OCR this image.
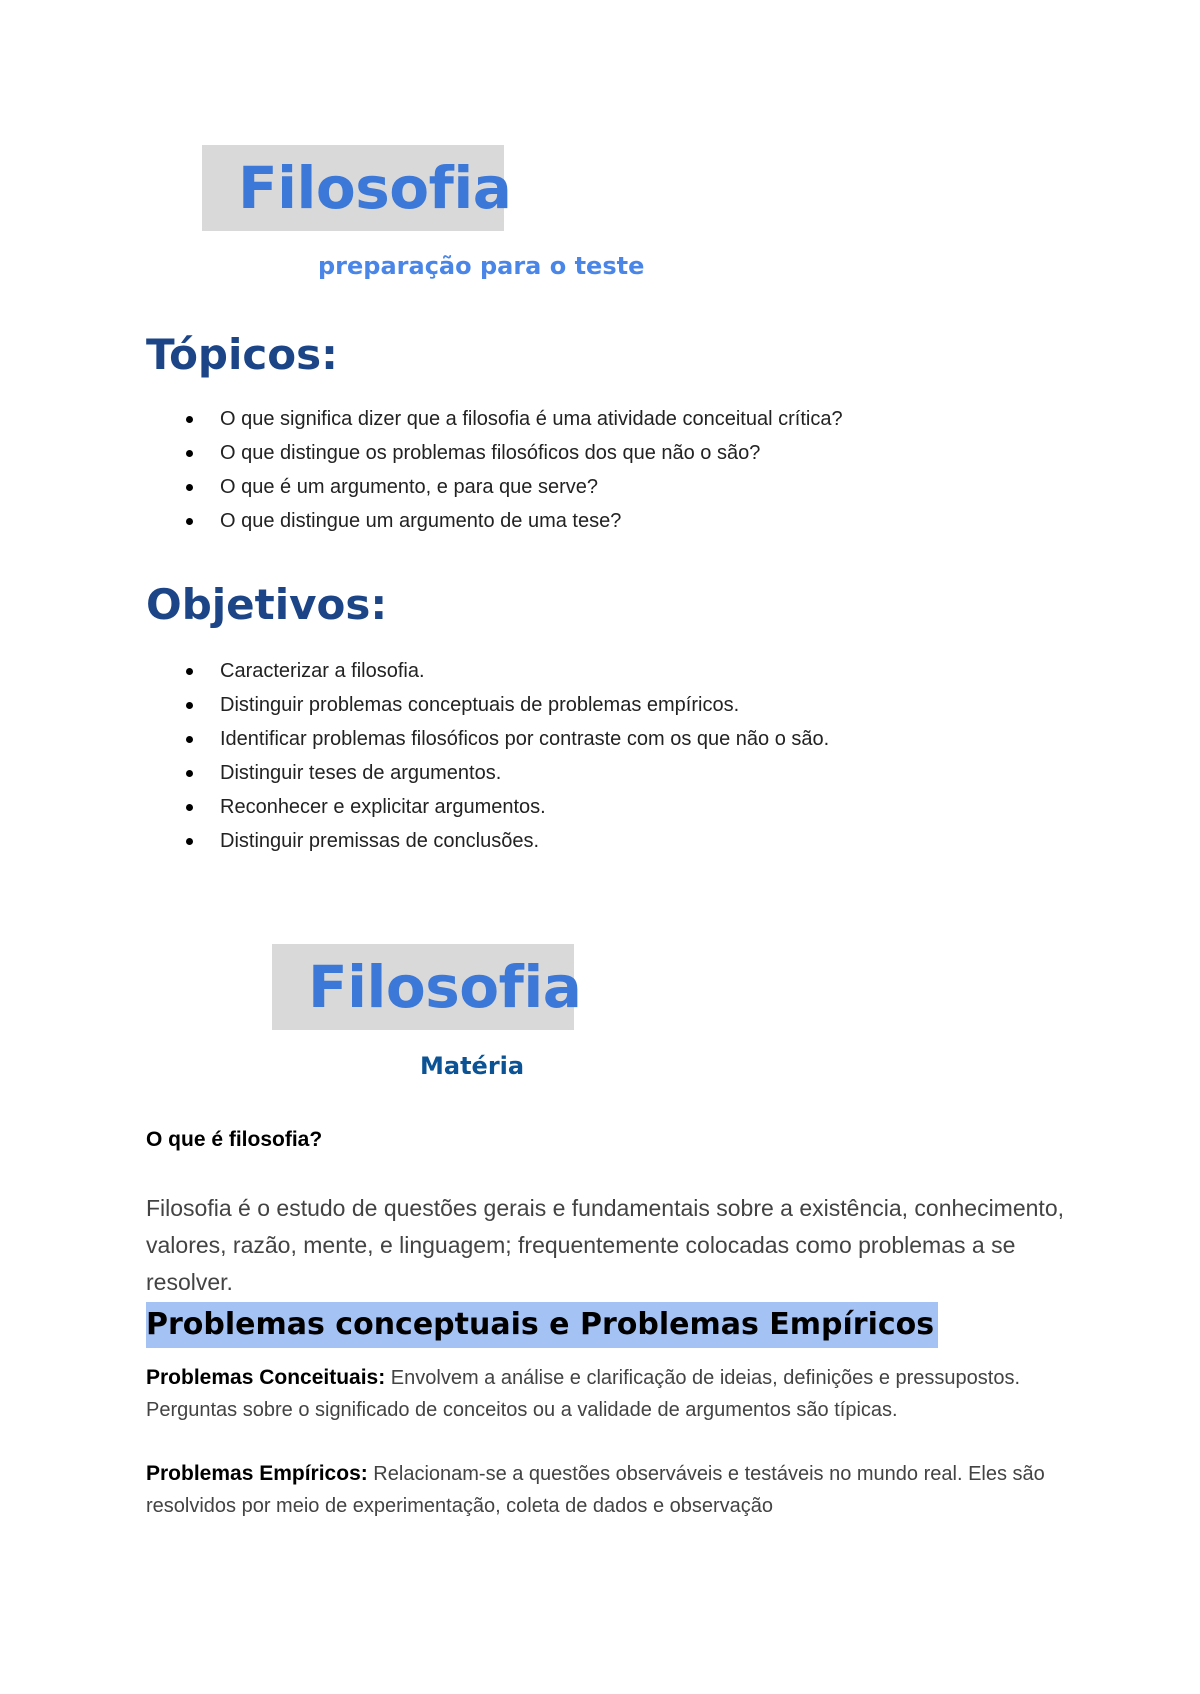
Filosofia
preparação para o teste
Tópicos:
O que significa dizer que a filosofia é uma atividade conceitual crítica?
O que distingue os problemas filosóficos dos que não o são?
O que é um argumento, e para que serve?
O que distingue um argumento de uma tese?
Objetivos:
Caracterizar a filosofia.
Distinguir problemas conceptuais de problemas empíricos.
Identificar problemas filosóficos por contraste com os que não o são.
Distinguir teses de argumentos.
Reconhecer e explicitar argumentos.
Distinguir premissas de conclusões.
Filosofia
Matéria
O que é filosofia?
Filosofia é o estudo de questões gerais e fundamentais sobre a existência, conhecimento, valores, razão, mente, e linguagem; frequentemente colocadas como problemas a se resolver.
Problemas conceptuais e Problemas Empíricos
Problemas Conceituais: Envolvem a análise e clarificação de ideias, definições e pressupostos. Perguntas sobre o significado de conceitos ou a validade de argumentos são típicas.
Problemas Empíricos: Relacionam-se a questões observáveis e testáveis no mundo real. Eles são resolvidos por meio de experimentação, coleta de dados e observação
